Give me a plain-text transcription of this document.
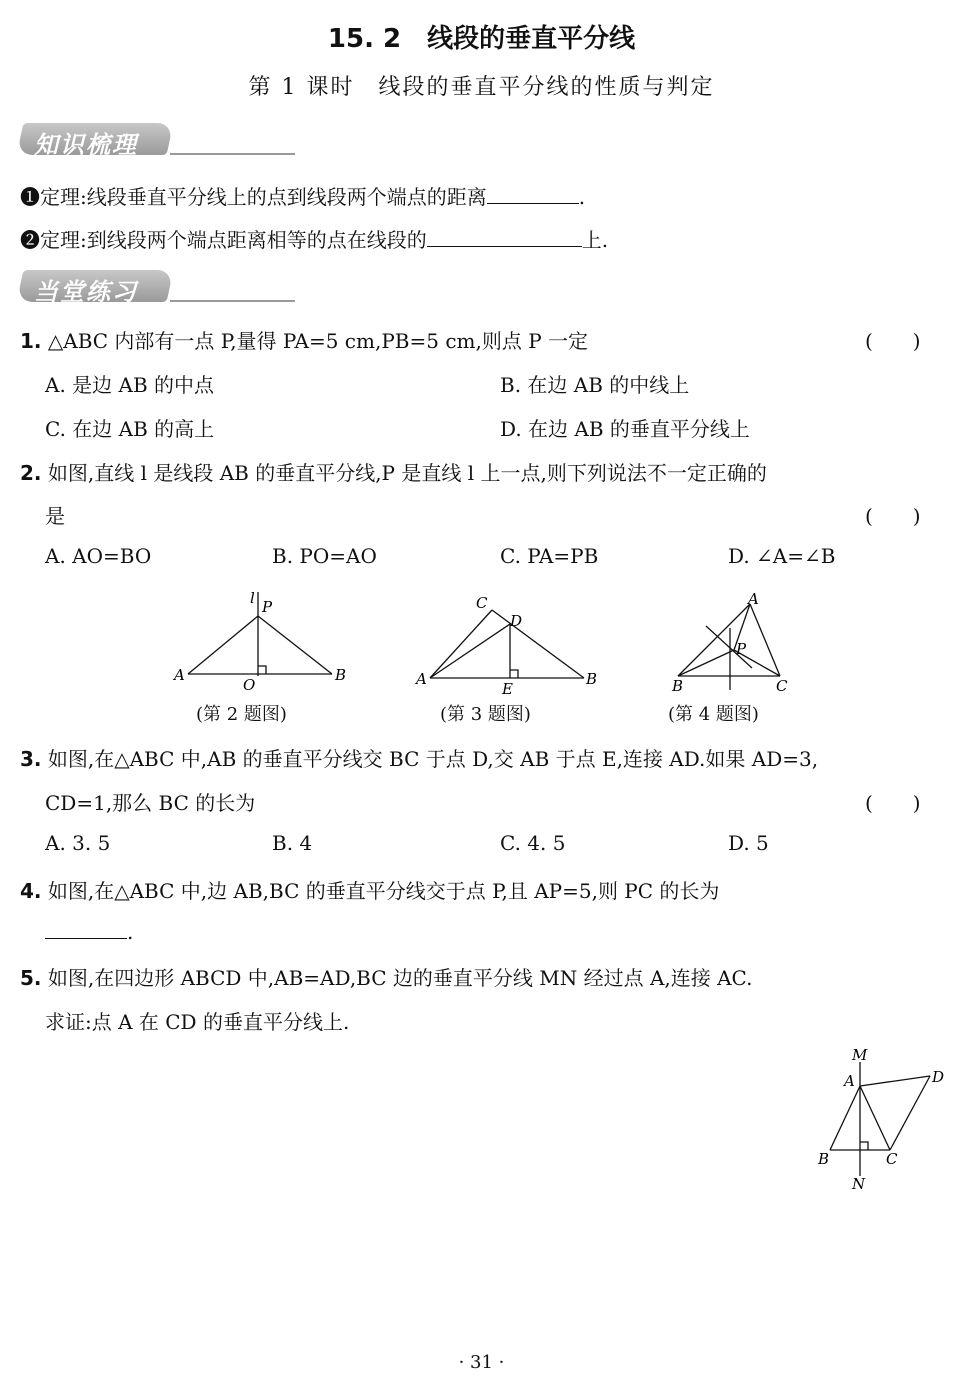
15. 2　线段的垂直平分线
第 1 课时　线段的垂直平分线的性质与判定
知识梳理
❶定理:线段垂直平分线上的点到线段两个端点的距离	.
❷定理:到线段两个端点距离相等的点在线段的	上.
当堂练习
1. △ABC 内部有一点 P,量得 PA=5 cm,PB=5 cm,则点 P 一定	(　　)
A. 是边 AB 的中点	B. 在边 AB 的中线上
C. 在边 AB 的高上	D. 在边 AB 的垂直平分线上
2. 如图,直线 l 是线段 AB 的垂直平分线,P 是直线 l 上一点,则下列说法不一定正确的
是	(　　)
A. AO=BO	B. PO=AO	C. PA=PB	D. ∠A=∠B
l P
A
O
B
(第 2 题图)
C
D
A
E
B
(第 3 题图)
A
P
B	C
(第 4 题图)
3. 如图,在△ABC 中,AB 的垂直平分线交 BC 于点 D,交 AB 于点 E,连接 AD.如果 AD=3,
CD=1,那么 BC 的长为	(　　)
A. 3. 5	B. 4	C. 4. 5	D. 5
4. 如图,在△ABC 中,边 AB,BC 的垂直平分线交于点 P,且 AP=5,则 PC 的长为
.
5. 如图,在四边形 ABCD 中,AB=AD,BC 边的垂直平分线 MN 经过点 A,连接 AC.
求证:点 A 在 CD 的垂直平分线上.
M
A	D
B	C
N
· 31 ·
